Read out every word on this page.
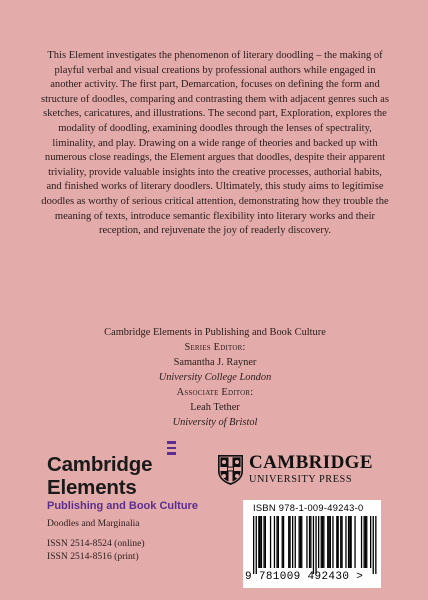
This Element investigates the phenomenon of literary doodling – the making of playful verbal and visual creations by professional authors while engaged in another activity. The first part, Demarcation, focuses on defining the form and structure of doodles, comparing and contrasting them with adjacent genres such as sketches, caricatures, and illustrations. The second part, Exploration, explores the modality of doodling, examining doodles through the lenses of spectrality, liminality, and play. Drawing on a wide range of theories and backed up with numerous close readings, the Element argues that doodles, despite their apparent triviality, provide valuable insights into the creative processes, authorial habits, and finished works of literary doodlers. Ultimately, this study aims to legitimise doodles as worthy of serious critical attention, demonstrating how they trouble the meaning of texts, introduce semantic flexibility into literary works and their reception, and rejuvenate the joy of readerly discovery.

Cambridge Elements in Publishing and Book Culture
Series Editor:
Samantha J. Rayner
University College London
Associate Editor:
Leah Tether
University of Bristol
Cambridge
Elements
Publishing and Book Culture
Doodles and Marginalia
ISSN 2514-8524 (online)
ISSN 2514-8516 (print)
CAMBRIDGE
UNIVERSITY PRESS
ISBN 978-1-009-49243-0
9 781009 492430 >
